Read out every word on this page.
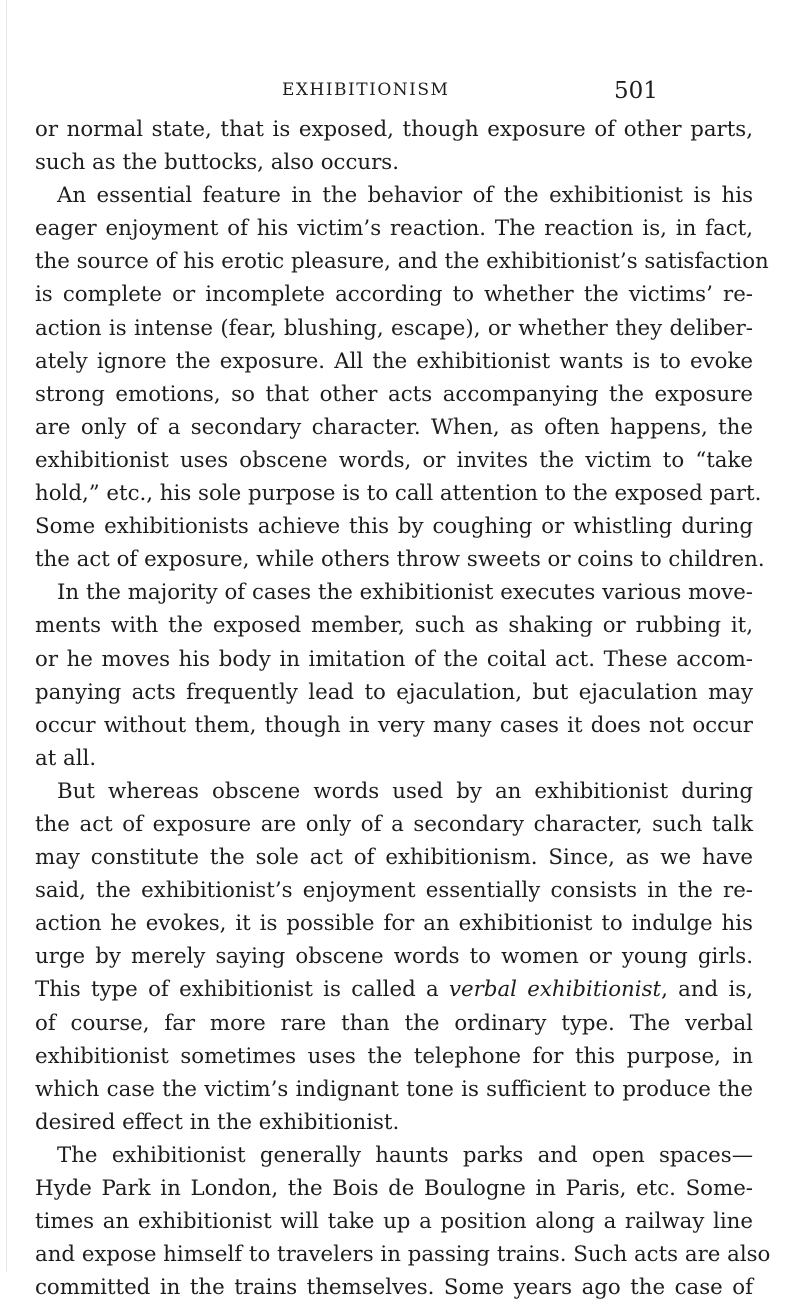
EXHIBITIONISM	501
or normal state, that is exposed, though exposure of other parts,
such as the buttocks, also occurs.
An essential feature in the behavior of the exhibitionist is his
eager enjoyment of his victim’s reaction. The reaction is, in fact,
the source of his erotic pleasure, and the exhibitionist’s satisfaction
is complete or incomplete according to whether the victims’ re-
action is intense (fear, blushing, escape), or whether they deliber-
ately ignore the exposure. All the exhibitionist wants is to evoke
strong emotions, so that other acts accompanying the exposure
are only of a secondary character. When, as often happens, the
exhibitionist uses obscene words, or invites the victim to “take
hold,” etc., his sole purpose is to call attention to the exposed part.
Some exhibitionists achieve this by coughing or whistling during
the act of exposure, while others throw sweets or coins to children.
In the majority of cases the exhibitionist executes various move-
ments with the exposed member, such as shaking or rubbing it,
or he moves his body in imitation of the coital act. These accom-
panying acts frequently lead to ejaculation, but ejaculation may
occur without them, though in very many cases it does not occur
at all.
But whereas obscene words used by an exhibitionist during
the act of exposure are only of a secondary character, such talk
may constitute the sole act of exhibitionism. Since, as we have
said, the exhibitionist’s enjoyment essentially consists in the re-
action he evokes, it is possible for an exhibitionist to indulge his
urge by merely saying obscene words to women or young girls.
This type of exhibitionist is called a verbal exhibitionist, and is,
of course, far more rare than the ordinary type. The verbal
exhibitionist sometimes uses the telephone for this purpose, in
which case the victim’s indignant tone is sufficient to produce the
desired effect in the exhibitionist.
The exhibitionist generally haunts parks and open spaces—
Hyde Park in London, the Bois de Boulogne in Paris, etc. Some-
times an exhibitionist will take up a position along a railway line
and expose himself to travelers in passing trains. Such acts are also
committed in the trains themselves. Some years ago the case of
